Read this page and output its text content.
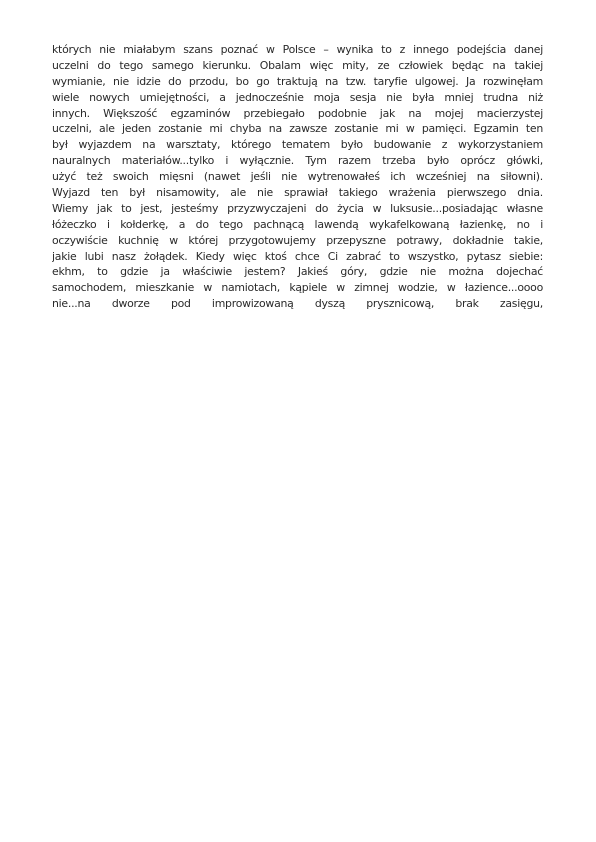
których nie miałabym szans poznać w Polsce – wynika to z innego podejścia danej
uczelni do tego samego kierunku. Obalam więc mity, ze człowiek będąc na takiej
wymianie, nie idzie do przodu, bo go traktują na tzw. taryfie ulgowej. Ja rozwinęłam
wiele nowych umiejętności, a jednocześnie moja sesja nie była mniej trudna niż
innych. Większość egzaminów przebiegało podobnie jak na mojej macierzystej
uczelni, ale jeden zostanie mi chyba na zawsze zostanie mi w pamięci. Egzamin ten
był wyjazdem na warsztaty, którego tematem było budowanie z wykorzystaniem
nauralnych materiałów...tylko i wyłącznie. Tym razem trzeba było oprócz główki,
użyć też swoich mięsni (nawet jeśli nie wytrenowałeś ich wcześniej na siłowni).
Wyjazd ten był nisamowity, ale nie sprawiał takiego wrażenia pierwszego dnia.
Wiemy jak to jest, jesteśmy przyzwyczajeni do życia w luksusie...posiadając własne
łóżeczko i kołderkę, a do tego pachnącą lawendą wykafelkowaną łazienkę, no i
oczywiście kuchnię w której przygotowujemy przepyszne potrawy, dokładnie takie,
jakie lubi nasz żołądek. Kiedy więc ktoś chce Ci zabrać to wszystko, pytasz siebie:
ekhm, to gdzie ja właściwie jestem? Jakieś góry, gdzie nie można dojechać
samochodem, mieszkanie w namiotach, kąpiele w zimnej wodzie, w łazience...oooo
nie...na dworze pod improwizowaną dyszą prysznicową, brak zasięgu,
